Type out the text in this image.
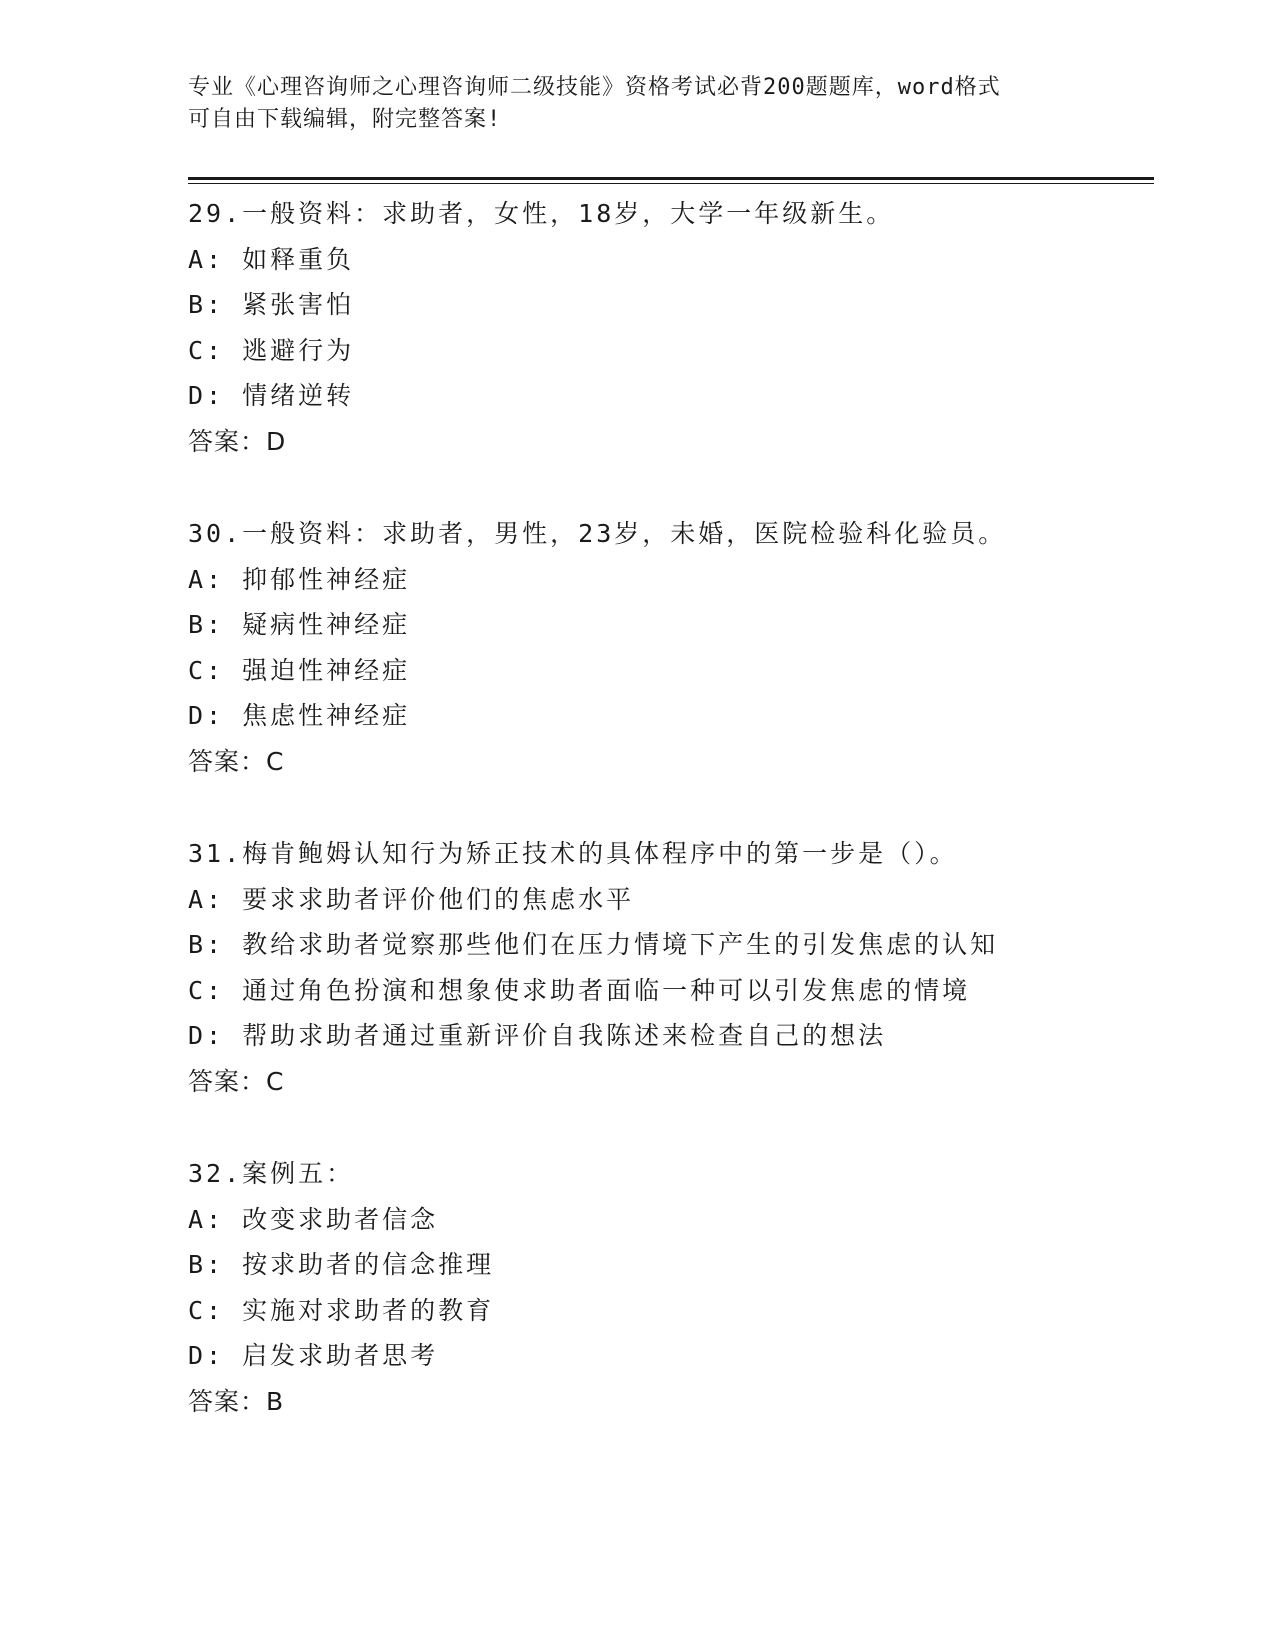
专业《心理咨询师之心理咨询师二级技能》资格考试必背200题题库，word格式
可自由下载编辑，附完整答案!
29.一般资料：求助者，女性，18岁，大学一年级新生。
A: 如释重负
B: 紧张害怕
C: 逃避行为
D: 情绪逆转
答案：D
30.一般资料：求助者，男性，23岁，未婚，医院检验科化验员。
A: 抑郁性神经症
B: 疑病性神经症
C: 强迫性神经症
D: 焦虑性神经症
答案：C
31.梅肯鲍姆认知行为矫正技术的具体程序中的第一步是（）。
A: 要求求助者评价他们的焦虑水平
B: 教给求助者觉察那些他们在压力情境下产生的引发焦虑的认知
C: 通过角色扮演和想象使求助者面临一种可以引发焦虑的情境
D: 帮助求助者通过重新评价自我陈述来检查自己的想法
答案：C
32.案例五：
A: 改变求助者信念
B: 按求助者的信念推理
C: 实施对求助者的教育
D: 启发求助者思考
答案：B
